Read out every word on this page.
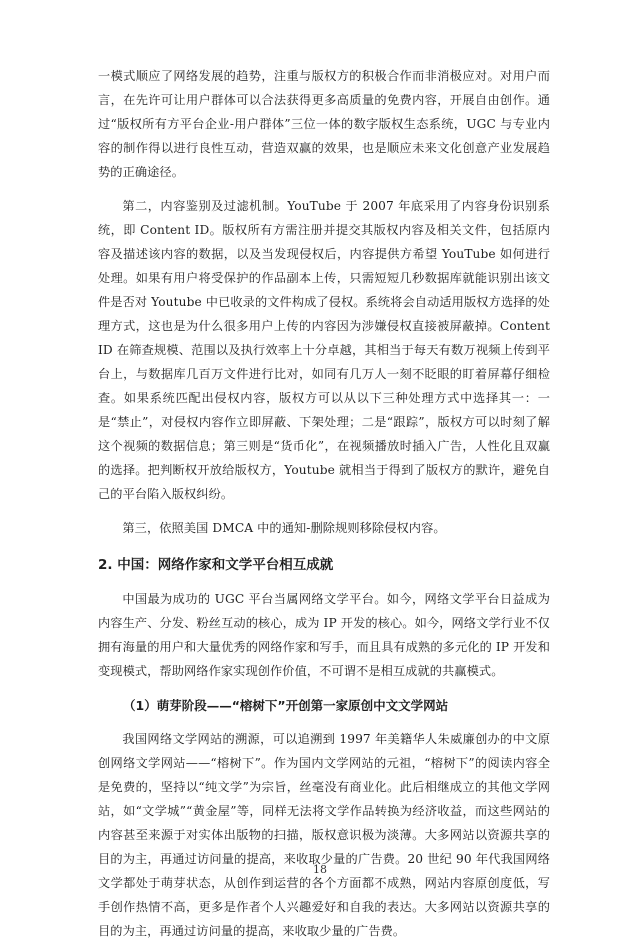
一模式顺应了网络发展的趋势，注重与版权方的积极合作而非消极应对。对用户而言，在先许可让用户群体可以合法获得更多高质量的免费内容，开展自由创作。通过“版权所有方平台企业-用户群体”三位一体的数字版权生态系统，UGC 与专业内容的制作得以进行良性互动，营造双赢的效果，也是顺应未来文化创意产业发展趋势的正确途径。

第二，内容鉴别及过滤机制。YouTube 于 2007 年底采用了内容身份识别系统，即 Content ID。版权所有方需注册并提交其版权内容及相关文件，包括原内容及描述该内容的数据，以及当发现侵权后，内容提供方希望 YouTube 如何进行处理。如果有用户将受保护的作品副本上传，只需短短几秒数据库就能识别出该文件是否对 Youtube 中已收录的文件构成了侵权。系统将会自动适用版权方选择的处理方式，这也是为什么很多用户上传的内容因为涉嫌侵权直接被屏蔽掉。Content ID 在筛查规模、范围以及执行效率上十分卓越，其相当于每天有数万视频上传到平台上，与数据库几百万文件进行比对，如同有几万人一刻不眨眼的盯着屏幕仔细检查。如果系统匹配出侵权内容，版权方可以从以下三种处理方式中选择其一：一是“禁止”，对侵权内容作立即屏蔽、下架处理；二是“跟踪”，版权方可以时刻了解这个视频的数据信息；第三则是“货币化”，在视频播放时插入广告，人性化且双赢的选择。把判断权开放给版权方，Youtube 就相当于得到了版权方的默许，避免自己的平台陷入版权纠纷。

第三，依照美国 DMCA 中的通知-删除规则移除侵权内容。

2. 中国：网络作家和文学平台相互成就

中国最为成功的 UGC 平台当属网络文学平台。如今，网络文学平台日益成为内容生产、分发、粉丝互动的核心，成为 IP 开发的核心。如今，网络文学行业不仅拥有海量的用户和大量优秀的网络作家和写手，而且具有成熟的多元化的 IP 开发和变现模式，帮助网络作家实现创作价值，不可谓不是相互成就的共赢模式。

（1）萌芽阶段——“榕树下”开创第一家原创中文文学网站

我国网络文学网站的溯源，可以追溯到 1997 年美籍华人朱威廉创办的中文原创网络文学网站——“榕树下”。作为国内文学网站的元祖，“榕树下”的阅读内容全是免费的，坚持以“纯文学”为宗旨，丝毫没有商业化。此后相继成立的其他文学网站，如“文学城”“黄金屋”等，同样无法将文学作品转换为经济收益，而这些网站的内容甚至来源于对实体出版物的扫描，版权意识极为淡薄。大多网站以资源共享的目的为主，再通过访问量的提高，来收取少量的广告费。20 世纪 90 年代我国网络文学都处于萌芽状态，从创作到运营的各个方面都不成熟，网站内容原创度低，写手创作热情不高，更多是作者个人兴趣爱好和自我的表达。大多网站以资源共享的目的为主，再通过访问量的提高，来收取少量的广告费。

18
